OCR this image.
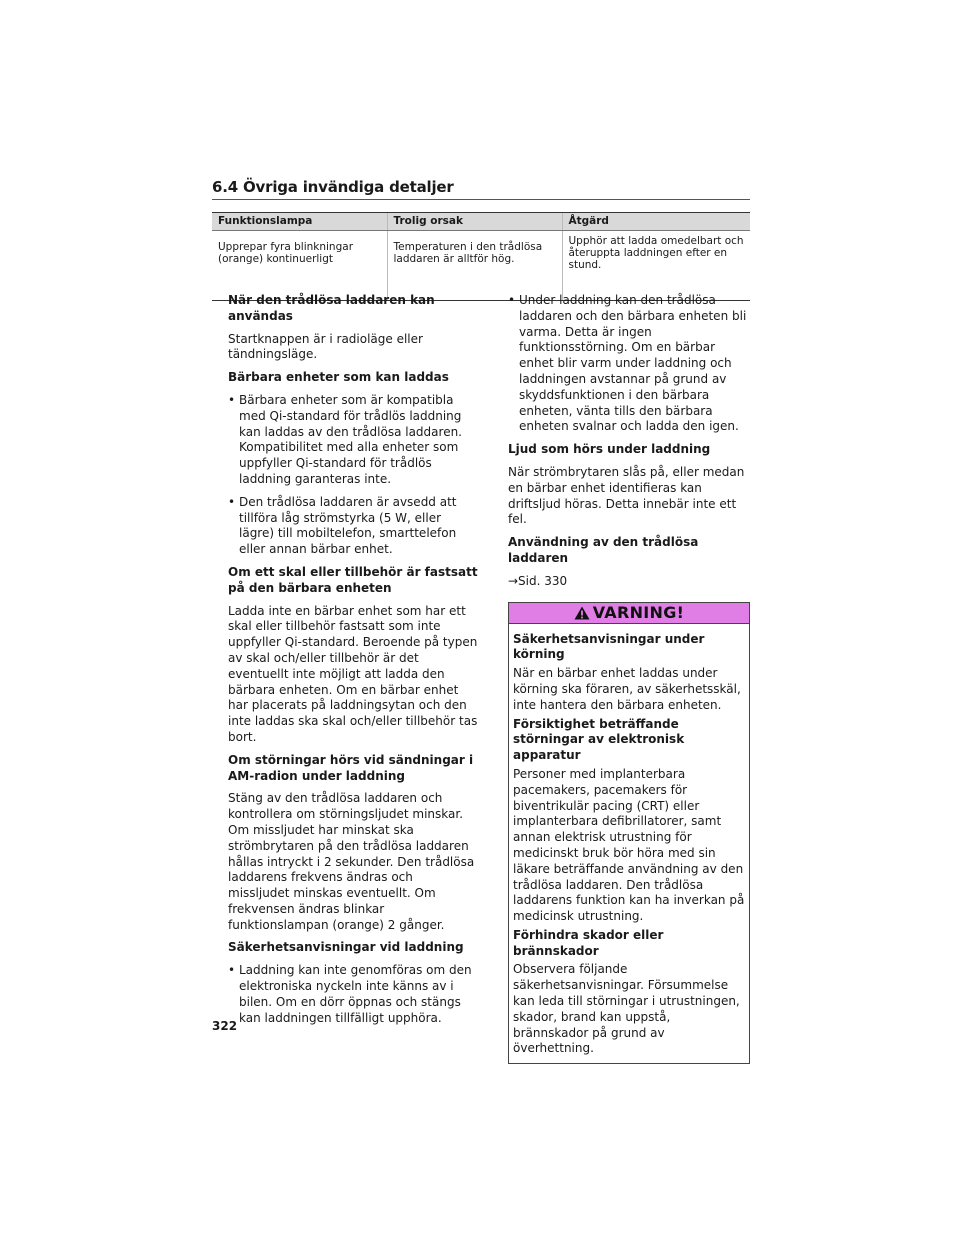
6.4 Övriga invändiga detaljer
Funktionslampa	Trolig orsak	Åtgärd
Upprepar fyra blinkningar (orange) kontinuerligt	Temperaturen i den trådlösa laddaren är alltför hög.	Upphör att ladda omedelbart och återuppta laddningen efter en stund.
När den trådlösa laddaren kan användas
Startknappen är i radioläge eller tändningsläge.
Bärbara enheter som kan laddas
• Bärbara enheter som är kompatibla med Qi-standard för trådlös laddning kan laddas av den trådlösa laddaren. Kompatibilitet med alla enheter som uppfyller Qi-standard för trådlös laddning garanteras inte.
• Den trådlösa laddaren är avsedd att tillföra låg strömstyrka (5 W, eller lägre) till mobiltelefon, smarttelefon eller annan bärbar enhet.
Om ett skal eller tillbehör är fastsatt på den bärbara enheten
Ladda inte en bärbar enhet som har ett skal eller tillbehör fastsatt som inte uppfyller Qi-standard. Beroende på typen av skal och/eller tillbehör är det eventuellt inte möjligt att ladda den bärbara enheten. Om en bärbar enhet har placerats på laddningsytan och den inte laddas ska skal och/eller tillbehör tas bort.
Om störningar hörs vid sändningar i AM-radion under laddning
Stäng av den trådlösa laddaren och kontrollera om störningsljudet minskar. Om missljudet har minskat ska strömbrytaren på den trådlösa laddaren hållas intryckt i 2 sekunder. Den trådlösa laddarens frekvens ändras och missljudet minskas eventuellt. Om frekvensen ändras blinkar funktionslampan (orange) 2 gånger.
Säkerhetsanvisningar vid laddning
• Laddning kan inte genomföras om den elektroniska nyckeln inte känns av i bilen. Om en dörr öppnas och stängs kan laddningen tillfälligt upphöra.
• Under laddning kan den trådlösa laddaren och den bärbara enheten bli varma. Detta är ingen funktionsstörning. Om en bärbar enhet blir varm under laddning och laddningen avstannar på grund av skyddsfunktionen i den bärbara enheten, vänta tills den bärbara enheten svalnar och ladda den igen.
Ljud som hörs under laddning
När strömbrytaren slås på, eller medan en bärbar enhet identifieras kan driftsljud höras. Detta innebär inte ett fel.
Användning av den trådlösa laddaren
→Sid. 330
VARNING!
Säkerhetsanvisningar under körning
När en bärbar enhet laddas under körning ska föraren, av säkerhetsskäl, inte hantera den bärbara enheten.
Försiktighet beträffande störningar av elektronisk apparatur
Personer med implanterbara pacemakers, pacemakers för biventrikulär pacing (CRT) eller implanterbara defibrillatorer, samt annan elektrisk utrustning för medicinskt bruk bör höra med sin läkare beträffande användning av den trådlösa laddaren. Den trådlösa laddarens funktion kan ha inverkan på medicinsk utrustning.
Förhindra skador eller brännskador
Observera följande säkerhetsanvisningar. Försummelse kan leda till störningar i utrustningen, skador, brand kan uppstå, brännskador på grund av överhettning.
322
